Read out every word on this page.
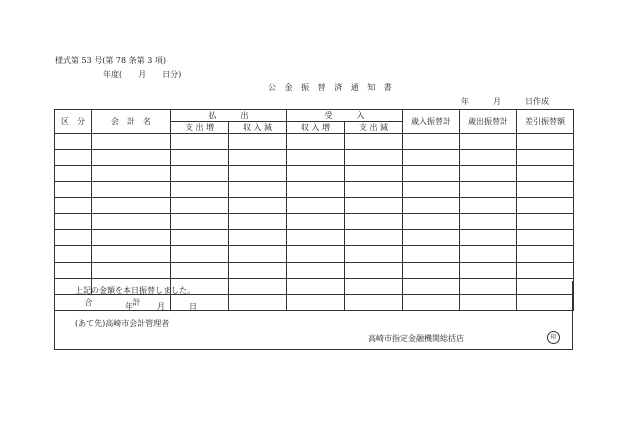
様式第 53 号(第 78 条第 3 項)
年度(　　月　　日分)
公 金 振 替 済 通 知 書
年　　　月　　　日作成
区　分	会　計　名	払　　　出		受　　　入		歳入振替計	歳出振替計	差引振替額
		支 出 増	収 入 減	収 入 増	支 出 減			

合　　　　　計								
上記の金額を本日振替しました。
年　　　月　　　日
(あて先)高崎市会計管理者
高崎市指定金融機関総括店	印
